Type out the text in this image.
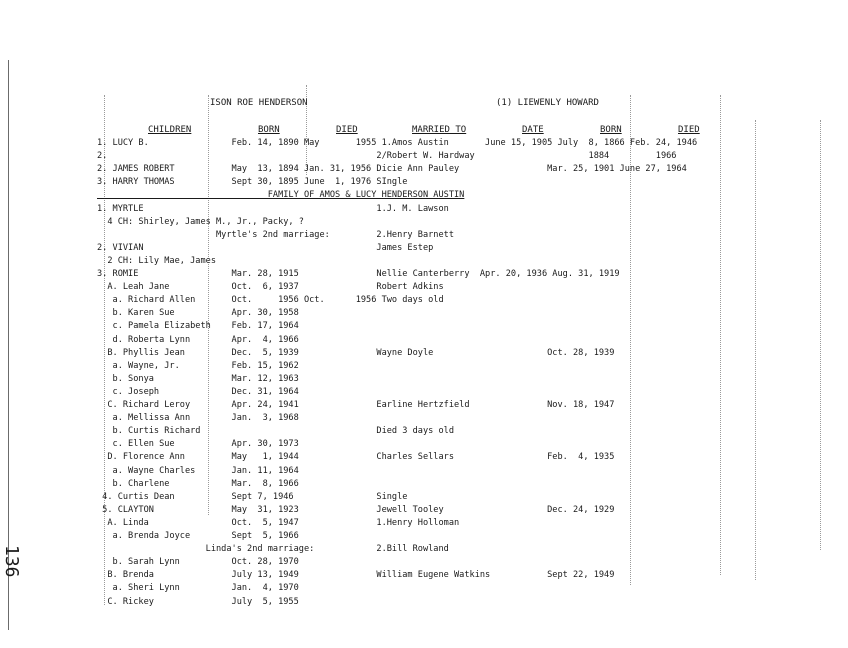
ISON ROE HENDERSON	(1) LIEWENLY HOWARD
CHILDREN	BORN	DIED	MARRIED TO	DATE	BORN	DIED
1. LUCY B.                Feb. 14, 1890 May       1955 1.Amos Austin       June 15, 1905 July  8, 1866 Feb. 24, 1946
2.                                                    2/Robert W. Hardway                      1884         1966
2. JAMES ROBERT           May  13, 1894 Jan. 31, 1956 Dicie Ann Pauley                 Mar. 25, 1901 June 27, 1964
3. HARRY THOMAS           Sept 30, 1895 June  1, 1976 SIngle
FAMILY OF AMOS & LUCY HENDERSON AUSTIN
1. MYRTLE                                             1.J. M. Lawson
4 CH: Shirley, James M., Jr., Packy, ?
Myrtle's 2nd marriage:         2.Henry Barnett
2. VIVIAN                                             James Estep
2 CH: Lily Mae, James
3. ROMIE                  Mar. 28, 1915               Nellie Canterberry  Apr. 20, 1936 Aug. 31, 1919
A. Leah Jane            Oct.  6, 1937               Robert Adkins
a. Richard Allen       Oct.     1956 Oct.      1956 Two days old
b. Karen Sue           Apr. 30, 1958
c. Pamela Elizabeth    Feb. 17, 1964
d. Roberta Lynn        Apr.  4, 1966
B. Phyllis Jean         Dec.  5, 1939               Wayne Doyle                      Oct. 28, 1939
a. Wayne, Jr.          Feb. 15, 1962
b. Sonya               Mar. 12, 1963
c. Joseph              Dec. 31, 1964
C. Richard Leroy        Apr. 24, 1941               Earline Hertzfield               Nov. 18, 1947
a. Mellissa Ann        Jan.  3, 1968
b. Curtis Richard                                  Died 3 days old
c. Ellen Sue           Apr. 30, 1973
D. Florence Ann         May   1, 1944               Charles Sellars                  Feb.  4, 1935
a. Wayne Charles       Jan. 11, 1964
b. Charlene            Mar.  8, 1966
4. Curtis Dean           Sept 7, 1946                Single
5. CLAYTON               May  31, 1923               Jewell Tooley                    Dec. 24, 1929
A. Linda                Oct.  5, 1947               1.Henry Holloman
a. Brenda Joyce        Sept  5, 1966
Linda's 2nd marriage:            2.Bill Rowland
b. Sarah Lynn          Oct. 28, 1970
B. Brenda               July 13, 1949               William Eugene Watkins           Sept 22, 1949
a. Sheri Lynn          Jan.  4, 1970
C. Rickey               July  5, 1955
136
